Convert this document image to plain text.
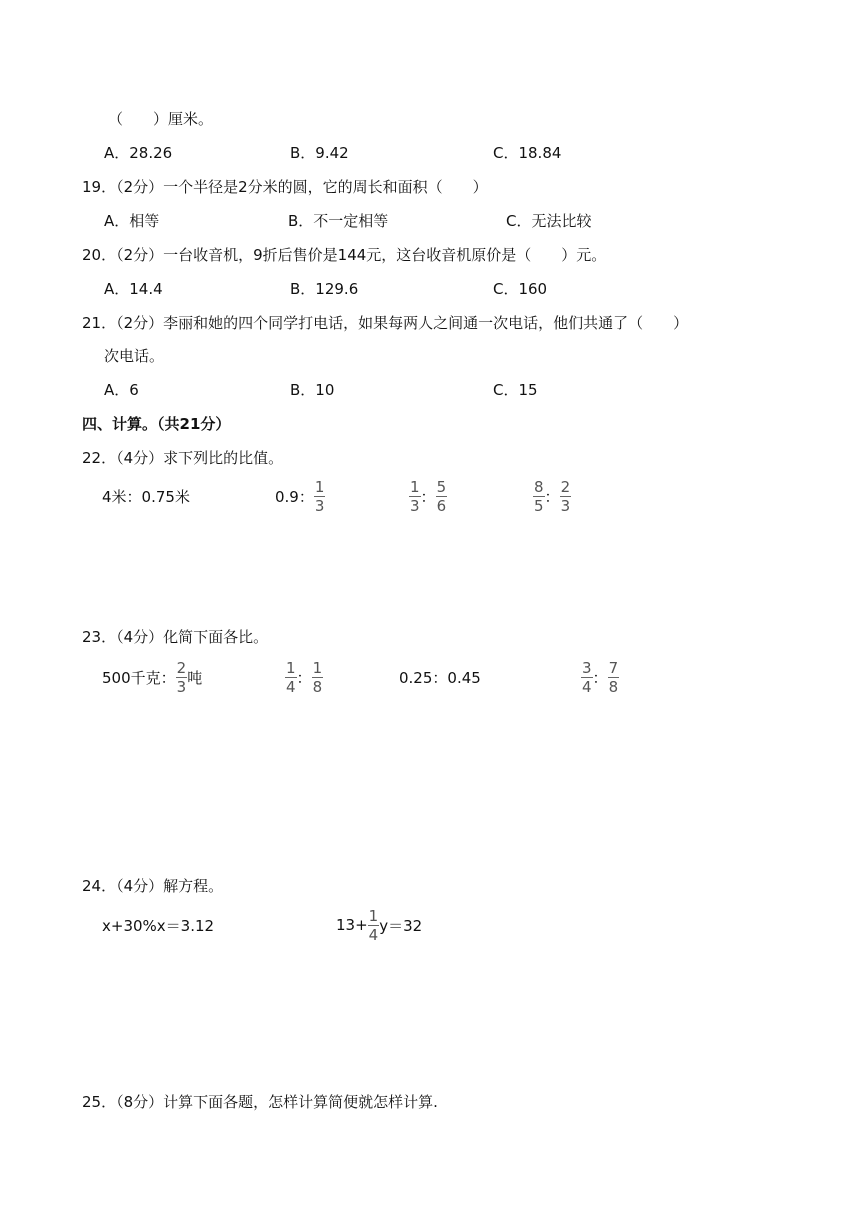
（　　）厘米。
A．28.26	B．9.42	C．18.84
19．（2分）一个半径是2分米的圆，它的周长和面积（　　）
A．相等	B．不一定相等	C．无法比较
20．（2分）一台收音机，9折后售价是144元，这台收音机原价是（　　）元。
A．14.4	B．129.6	C．160
21．（2分）李丽和她的四个同学打电话，如果每两人之间通一次电话，他们共通了（　　）
次电话。
A．6	B．10	C．15
四、计算。（共21分）
22．（4分）求下列比的比值。
4米：0.75米	0.9： $\frac{1}{3}$	$\frac{1}{3}$ ： $\frac{5}{6}$	$\frac{8}{5}$ ： $\frac{2}{3}$
23．（4分）化简下面各比。
500千克： $\frac{2}{3}$ 吨	$\frac{1}{4}$ ： $\frac{1}{8}$	0.25：0.45	$\frac{3}{4}$ ： $\frac{7}{8}$
24．（4分）解方程。
x+30%x＝3.12	$13+ \frac{1}{4} y=32$
25．（8分）计算下面各题，怎样计算简便就怎样计算.
